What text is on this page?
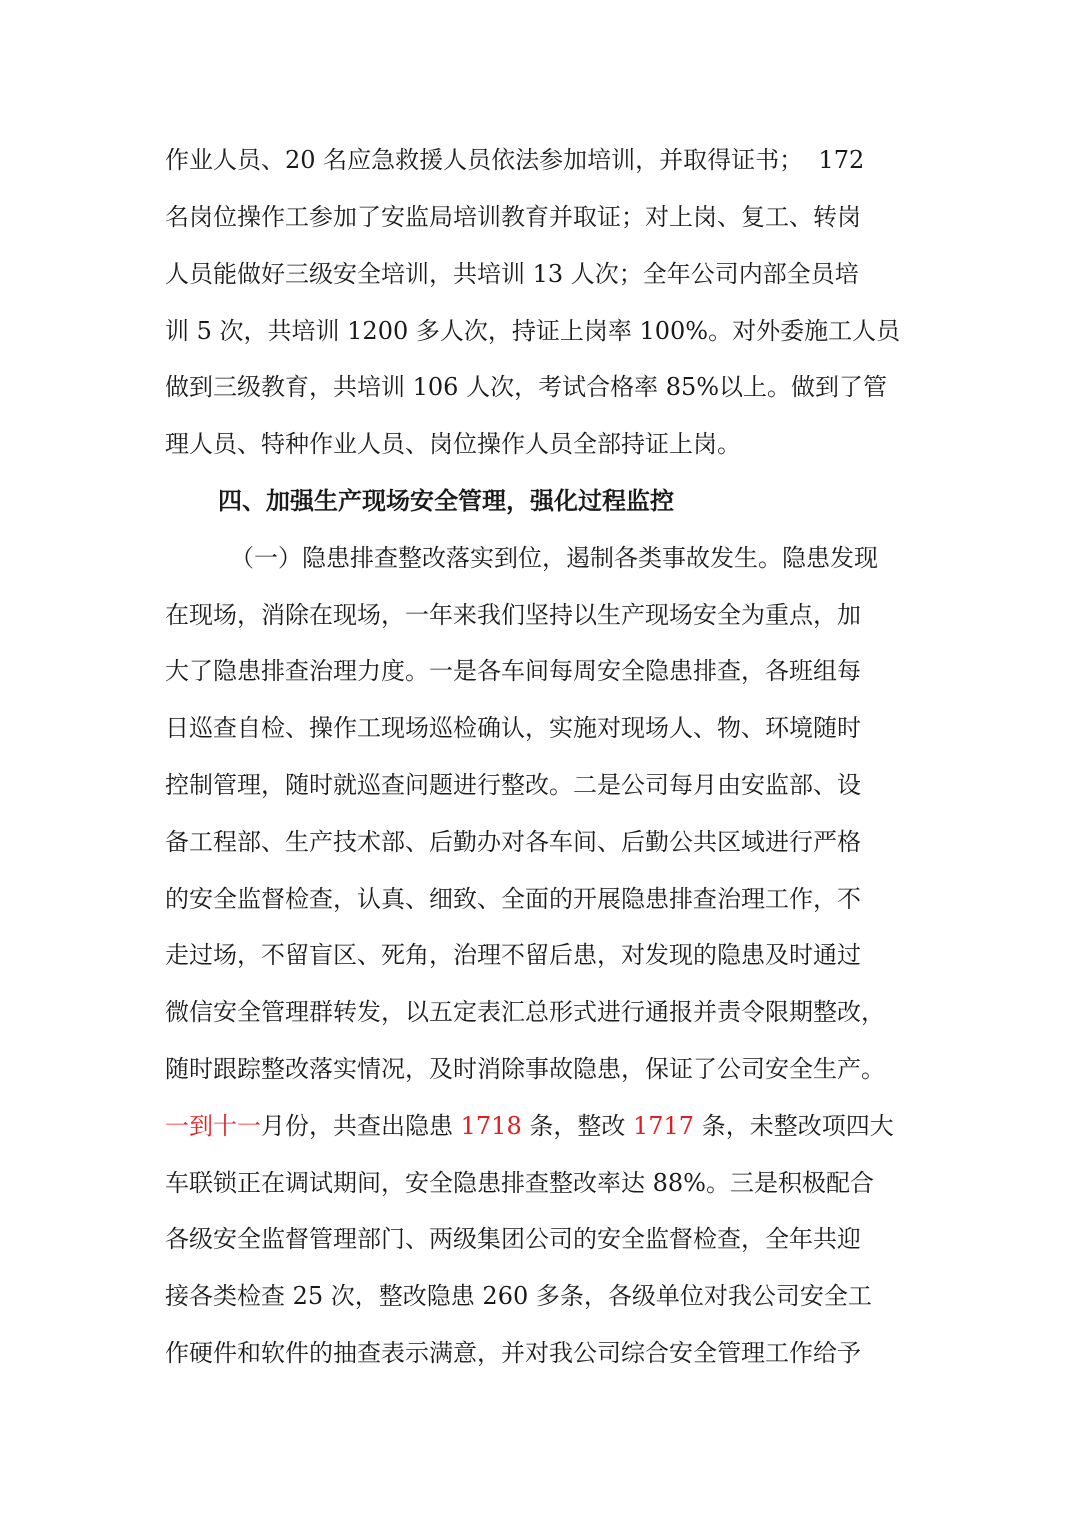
作业人员、20 名应急救援人员依法参加培训，并取得证书；  172
名岗位操作工参加了安监局培训教育并取证；对上岗、复工、转岗
人员能做好三级安全培训，共培训 13 人次；全年公司内部全员培
训 5 次，共培训 1200 多人次，持证上岗率 100%。对外委施工人员
做到三级教育，共培训 106 人次，考试合格率 85%以上。做到了管
理人员、特种作业人员、岗位操作人员全部持证上岗。
四、加强生产现场安全管理，强化过程监控
（一）隐患排查整改落实到位，遏制各类事故发生。隐患发现
在现场，消除在现场，一年来我们坚持以生产现场安全为重点，加
大了隐患排查治理力度。一是各车间每周安全隐患排查，各班组每
日巡查自检、操作工现场巡检确认，实施对现场人、物、环境随时
控制管理，随时就巡查问题进行整改。二是公司每月由安监部、设
备工程部、生产技术部、后勤办对各车间、后勤公共区域进行严格
的安全监督检查，认真、细致、全面的开展隐患排查治理工作，不
走过场，不留盲区、死角，治理不留后患，对发现的隐患及时通过
微信安全管理群转发，以五定表汇总形式进行通报并责令限期整改，
随时跟踪整改落实情况，及时消除事故隐患，保证了公司安全生产。
一到十一 月份，共查出隐患 1718 条，整改 1717 条，未整改项四大
车联锁正在调试期间，安全隐患排查整改率达 88%。三是积极配合
各级安全监督管理部门、两级集团公司的安全监督检查，全年共迎
接各类检查 25 次，整改隐患 260 多条，各级单位对我公司安全工
作硬件和软件的抽查表示满意，并对我公司综合安全管理工作给予
